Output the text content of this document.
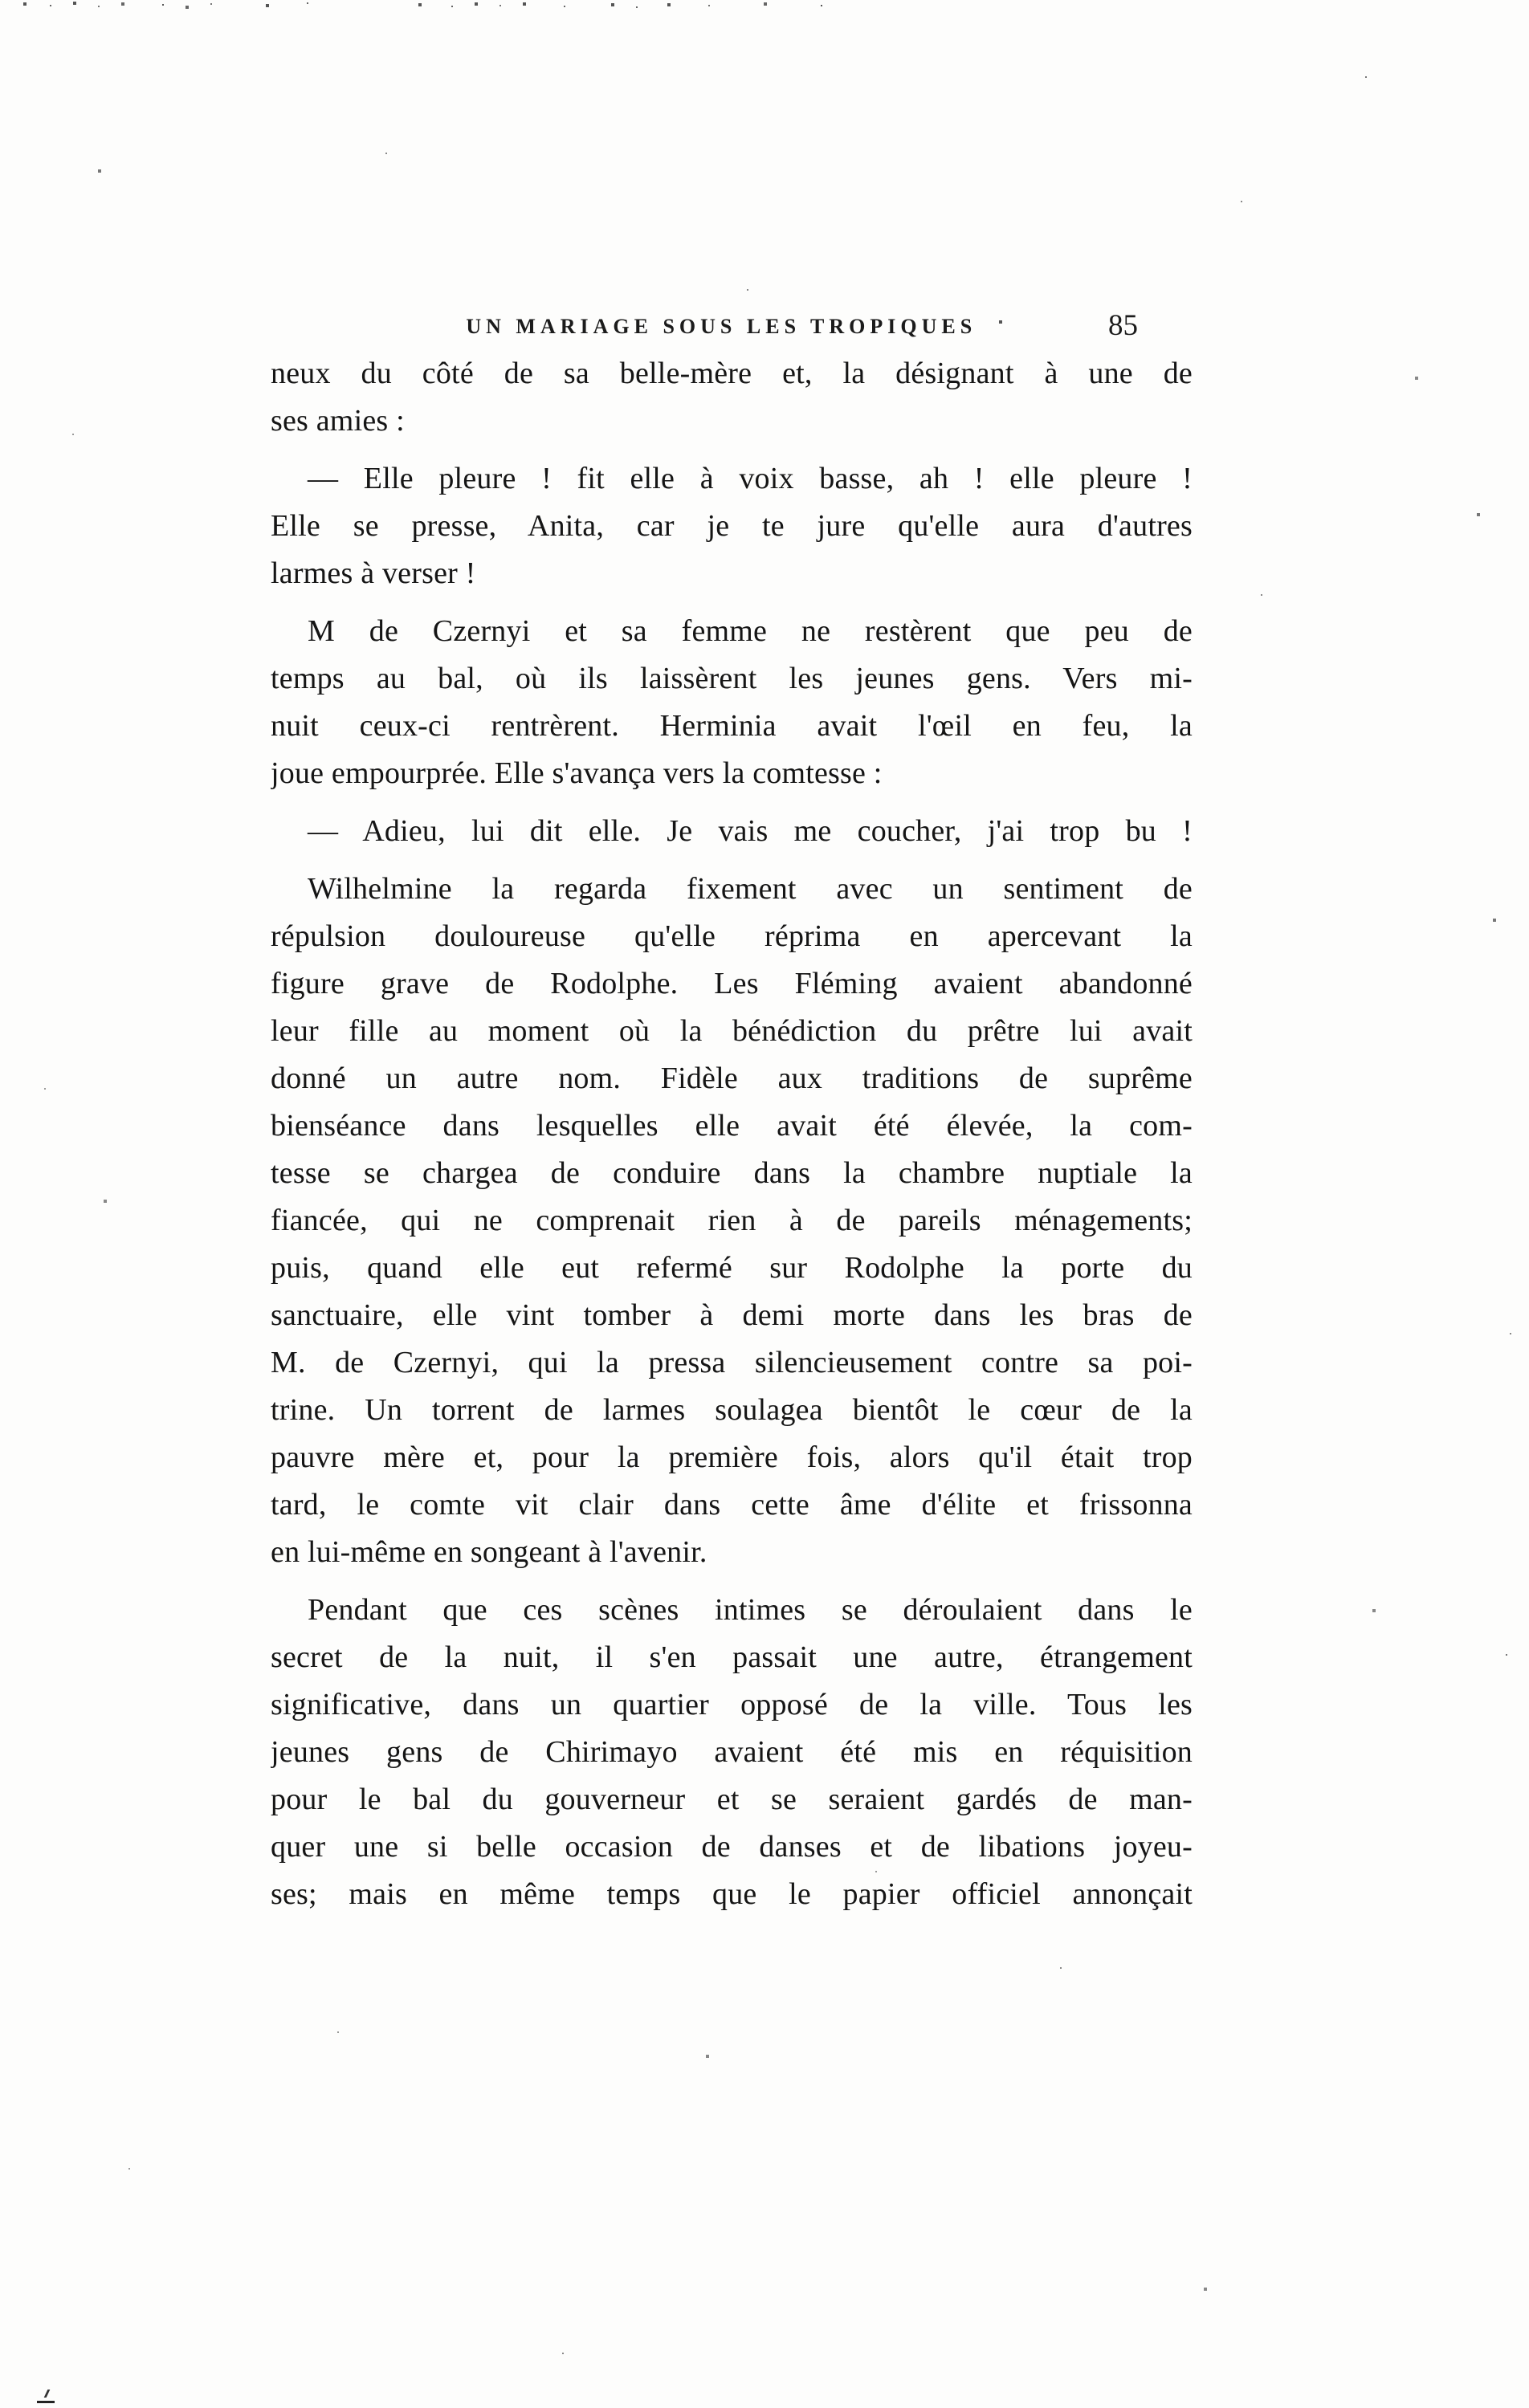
UN MARIAGE SOUS LES TROPIQUES	85
neux du côté de sa belle-mère et, la désignant à une de
ses amies :
— Elle pleure ! fit elle à voix basse, ah ! elle pleure !
Elle se presse, Anita, car je te jure qu'elle aura d'autres
larmes à verser !
M de Czernyi et sa femme ne restèrent que peu de
temps au bal, où ils laissèrent les jeunes gens. Vers mi-
nuit ceux-ci rentrèrent. Herminia avait l'œil en feu, la
joue empourprée. Elle s'avança vers la comtesse :
— Adieu, lui dit elle. Je vais me coucher, j'ai trop bu !
Wilhelmine la regarda fixement avec un sentiment de
répulsion douloureuse qu'elle réprima en apercevant la
figure grave de Rodolphe. Les Fléming avaient abandonné
leur fille au moment où la bénédiction du prêtre lui avait
donné un autre nom. Fidèle aux traditions de suprême
bienséance dans lesquelles elle avait été élevée, la com-
tesse se chargea de conduire dans la chambre nuptiale la
fiancée, qui ne comprenait rien à de pareils ménagements;
puis, quand elle eut refermé sur Rodolphe la porte du
sanctuaire, elle vint tomber à demi morte dans les bras de
M. de Czernyi, qui la pressa silencieusement contre sa poi-
trine. Un torrent de larmes soulagea bientôt le cœur de la
pauvre mère et, pour la première fois, alors qu'il était trop
tard, le comte vit clair dans cette âme d'élite et frissonna
en lui-même en songeant à l'avenir.
Pendant que ces scènes intimes se déroulaient dans le
secret de la nuit, il s'en passait une autre, étrangement
significative, dans un quartier opposé de la ville. Tous les
jeunes gens de Chirimayo avaient été mis en réquisition
pour le bal du gouverneur et se seraient gardés de man-
quer une si belle occasion de danses et de libations joyeu-
ses; mais en même temps que le papier officiel annonçait
